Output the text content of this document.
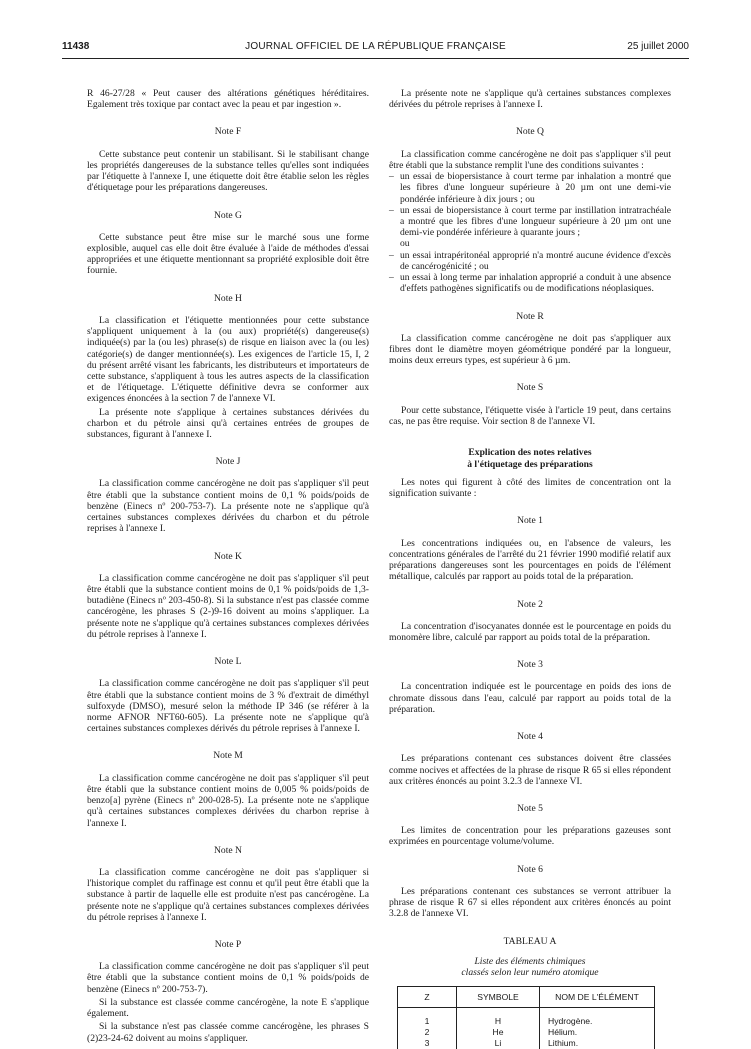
11438	JOURNAL OFFICIEL DE LA RÉPUBLIQUE FRANÇAISE	25 juillet 2000

R 46-27/28 « Peut causer des altérations génétiques héréditaires. Egalement très toxique par contact avec la peau et par ingestion ».

Note F

Cette substance peut contenir un stabilisant. Si le stabilisant change les propriétés dangereuses de la substance telles qu'elles sont indiquées par l'étiquette à l'annexe I, une étiquette doit être établie selon les règles d'étiquetage pour les préparations dangereuses.

Note G

Cette substance peut être mise sur le marché sous une forme explosible, auquel cas elle doit être évaluée à l'aide de méthodes d'essai appropriées et une étiquette mentionnant sa propriété explosible doit être fournie.

Note H

La classification et l'étiquette mentionnées pour cette substance s'appliquent uniquement à la (ou aux) propriété(s) dangereuse(s) indiquée(s) par la (ou les) phrase(s) de risque en liaison avec la (ou les) catégorie(s) de danger mentionnée(s). Les exigences de l'article 15, I, 2 du présent arrêté visant les fabricants, les distributeurs et importateurs de cette substance, s'appliquent à tous les autres aspects de la classification et de l'étiquetage. L'étiquette définitive devra se conformer aux exigences énoncées à la section 7 de l'annexe VI.

La présente note s'applique à certaines substances dérivées du charbon et du pétrole ainsi qu'à certaines entrées de groupes de substances, figurant à l'annexe I.

Note J

La classification comme cancérogène ne doit pas s'appliquer s'il peut être établi que la substance contient moins de 0,1 % poids/poids de benzène (Einecs nº 200-753-7). La présente note ne s'applique qu'à certaines substances complexes dérivées du charbon et du pétrole reprises à l'annexe I.

Note K

La classification comme cancérogène ne doit pas s'appliquer s'il peut être établi que la substance contient moins de 0,1 % poids/poids de 1,3-butadiène (Einecs nº 203-450-8). Si la substance n'est pas classée comme cancérogène, les phrases S (2-)9-16 doivent au moins s'appliquer. La présente note ne s'applique qu'à certaines substances complexes dérivées du pétrole reprises à l'annexe I.

Note L

La classification comme cancérogène ne doit pas s'appliquer s'il peut être établi que la substance contient moins de 3 % d'extrait de diméthyl sulfoxyde (DMSO), mesuré selon la méthode IP 346 (se référer à la norme AFNOR NFT60-605). La présente note ne s'applique qu'à certaines substances complexes dérivés du pétrole reprises à l'annexe I.

Note M

La classification comme cancérogène ne doit pas s'appliquer s'il peut être établi que la substance contient moins de 0,005 % poids/poids de benzo[a] pyrène (Einecs nº 200-028-5). La présente note ne s'applique qu'à certaines substances complexes dérivées du charbon reprise à l'annexe I.

Note N

La classification comme cancérogène ne doit pas s'appliquer si l'historique complet du raffinage est connu et qu'il peut être établi que la substance à partir de laquelle elle est produite n'est pas cancérogène. La présente note ne s'applique qu'à certaines substances complexes dérivées du pétrole reprises à l'annexe I.

Note P

La classification comme cancérogène ne doit pas s'appliquer s'il peut être établi que la substance contient moins de 0,1 % poids/poids de benzène (Einecs nº 200-753-7).

Si la substance est classée comme cancérogène, la note E s'applique également.

Si la substance n'est pas classée comme cancérogène, les phrases S (2)23-24-62 doivent au moins s'appliquer.

La présente note ne s'applique qu'à certaines substances complexes dérivées du pétrole reprises à l'annexe I.

Note Q

La classification comme cancérogène ne doit pas s'appliquer s'il peut être établi que la substance remplit l'une des conditions suivantes :

– un essai de biopersistance à court terme par inhalation a montré que les fibres d'une longueur supérieure à 20 µm ont une demi-vie pondérée inférieure à dix jours ; ou
– un essai de biopersistance à court terme par instillation intratrachéale a montré que les fibres d'une longueur supérieure à 20 µm ont une demi-vie pondérée inférieure à quarante jours ;
ou
– un essai intrapéritonéal approprié n'a montré aucune évidence d'excès de cancérogénicité ; ou
– un essai à long terme par inhalation approprié a conduit à une absence d'effets pathogènes significatifs ou de modifications néoplasiques.
Note R

La classification comme cancérogène ne doit pas s'appliquer aux fibres dont le diamètre moyen géométrique pondéré par la longueur, moins deux erreurs types, est supérieur à 6 µm.

Note S

Pour cette substance, l'étiquette visée à l'article 19 peut, dans certains cas, ne pas être requise. Voir section 8 de l'annexe VI.

Explication des notes relatives
à l'étiquetage des préparations

Les notes qui figurent à côté des limites de concentration ont la signification suivante :

Note 1

Les concentrations indiquées ou, en l'absence de valeurs, les concentrations générales de l'arrêté du 21 février 1990 modifié relatif aux préparations dangereuses sont les pourcentages en poids de l'élément métallique, calculés par rapport au poids total de la préparation.

Note 2

La concentration d'isocyanates donnée est le pourcentage en poids du monomère libre, calculé par rapport au poids total de la préparation.

Note 3

La concentration indiquée est le pourcentage en poids des ions de chromate dissous dans l'eau, calculé par rapport au poids total de la préparation.

Note 4

Les préparations contenant ces substances doivent être classées comme nocives et affectées de la phrase de risque R 65 si elles répondent aux critères énoncés au point 3.2.3 de l'annexe VI.

Note 5

Les limites de concentration pour les préparations gazeuses sont exprimées en pourcentage volume/volume.

Note 6

Les préparations contenant ces substances se verront attribuer la phrase de risque R 67 si elles répondent aux critères énoncés au point 3.2.8 de l'annexe VI.

TABLEAU A
Liste des éléments chimiques
classés selon leur numéro atomique
Z	SYMBOLE	NOM DE L'ÉLÉMENT
1	H	Hydrogène.
2	He	Hélium.
3	Li	Lithium.
